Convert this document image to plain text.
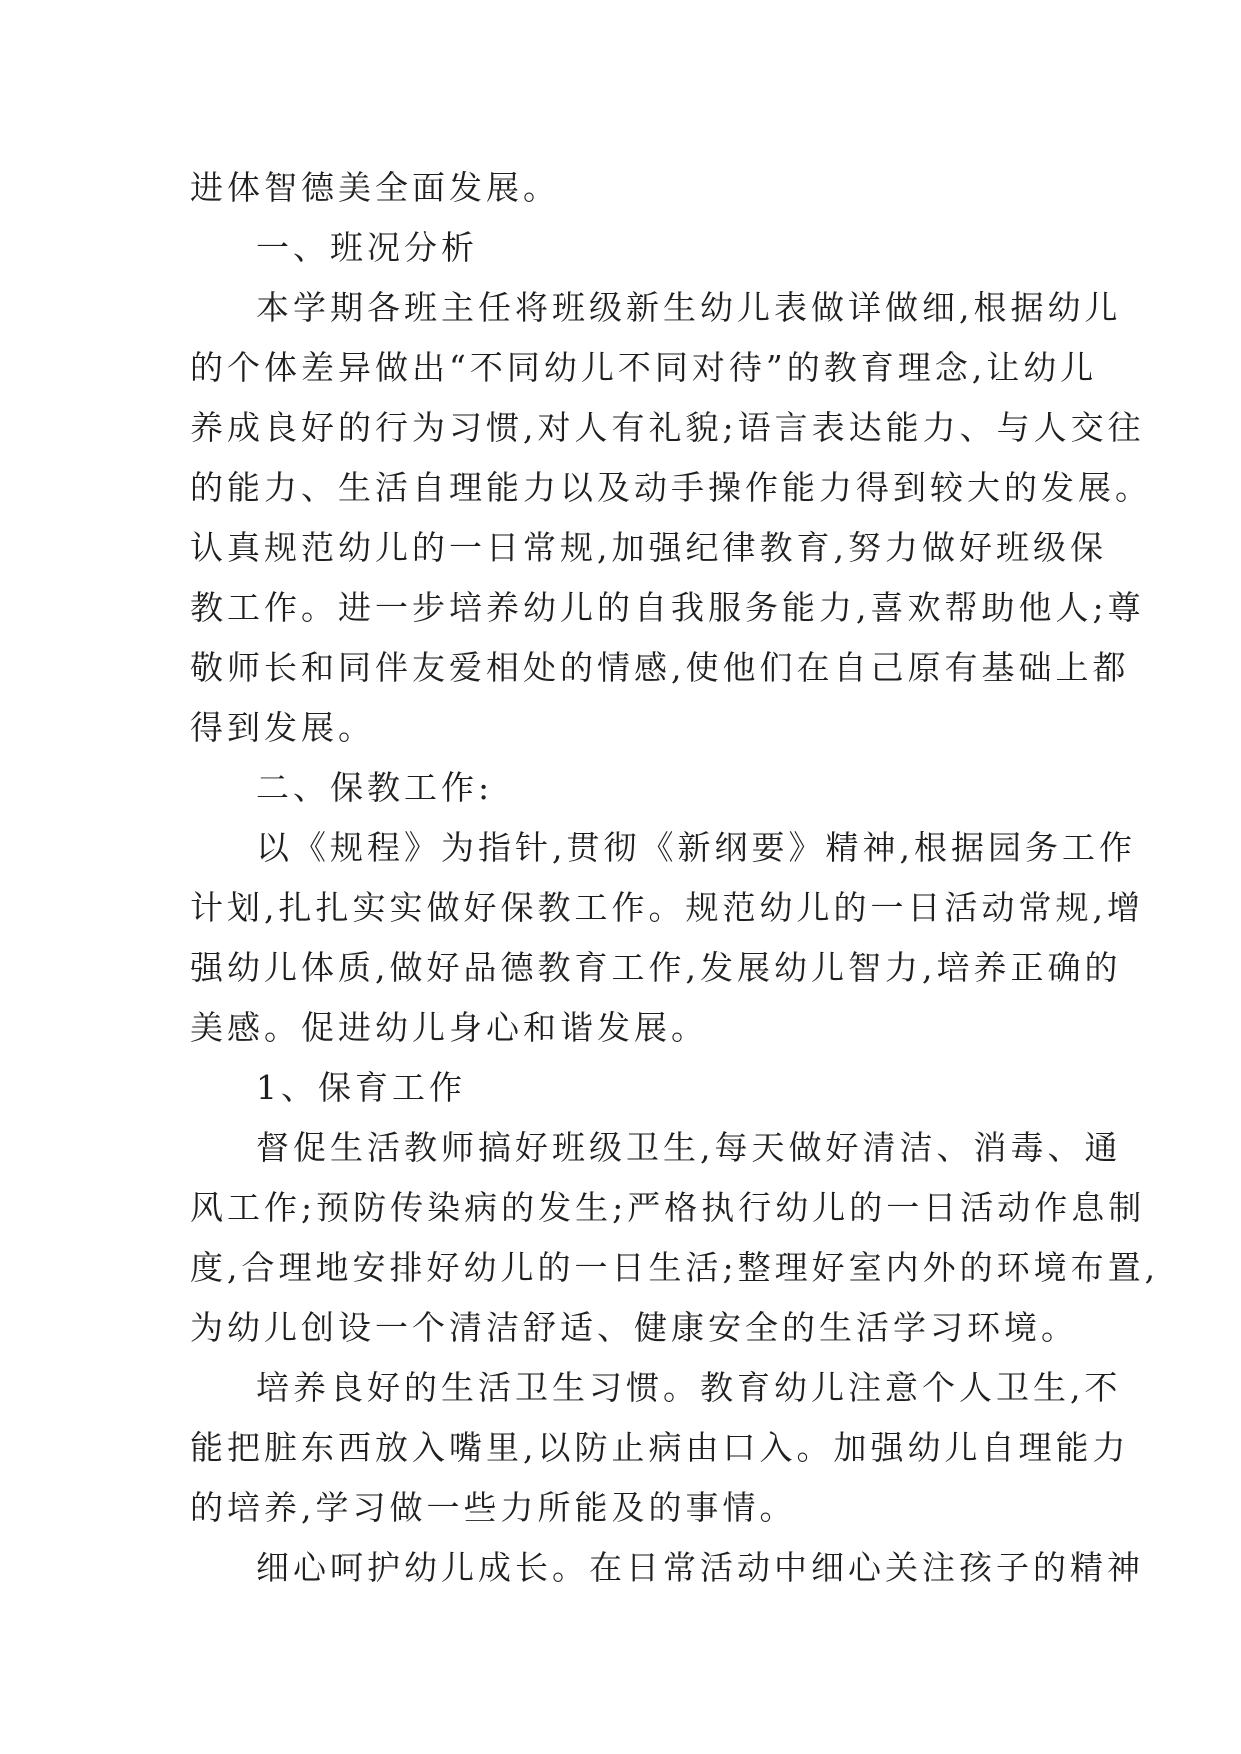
进体智德美全面发展。
一、班况分析
本学期各班主任将班级新生幼儿表做详做细,根据幼儿
的个体差异做出“不同幼儿不同对待”的教育理念,让幼儿
养成良好的行为习惯,对人有礼貌;语言表达能力、与人交往
的能力、生活自理能力以及动手操作能力得到较大的发展。
认真规范幼儿的一日常规,加强纪律教育,努力做好班级保
教工作。进一步培养幼儿的自我服务能力,喜欢帮助他人;尊
敬师长和同伴友爱相处的情感,使他们在自己原有基础上都
得到发展。
二、保教工作:
以《规程》为指针,贯彻《新纲要》精神,根据园务工作
计划,扎扎实实做好保教工作。规范幼儿的一日活动常规,增
强幼儿体质,做好品德教育工作,发展幼儿智力,培养正确的
美感。促进幼儿身心和谐发展。
1、保育工作
督促生活教师搞好班级卫生,每天做好清洁、消毒、通
风工作;预防传染病的发生;严格执行幼儿的一日活动作息制
度,合理地安排好幼儿的一日生活;整理好室内外的环境布置,
为幼儿创设一个清洁舒适、健康安全的生活学习环境。
培养良好的生活卫生习惯。教育幼儿注意个人卫生,不
能把脏东西放入嘴里,以防止病由口入。加强幼儿自理能力
的培养,学习做一些力所能及的事情。
细心呵护幼儿成长。在日常活动中细心关注孩子的精神
